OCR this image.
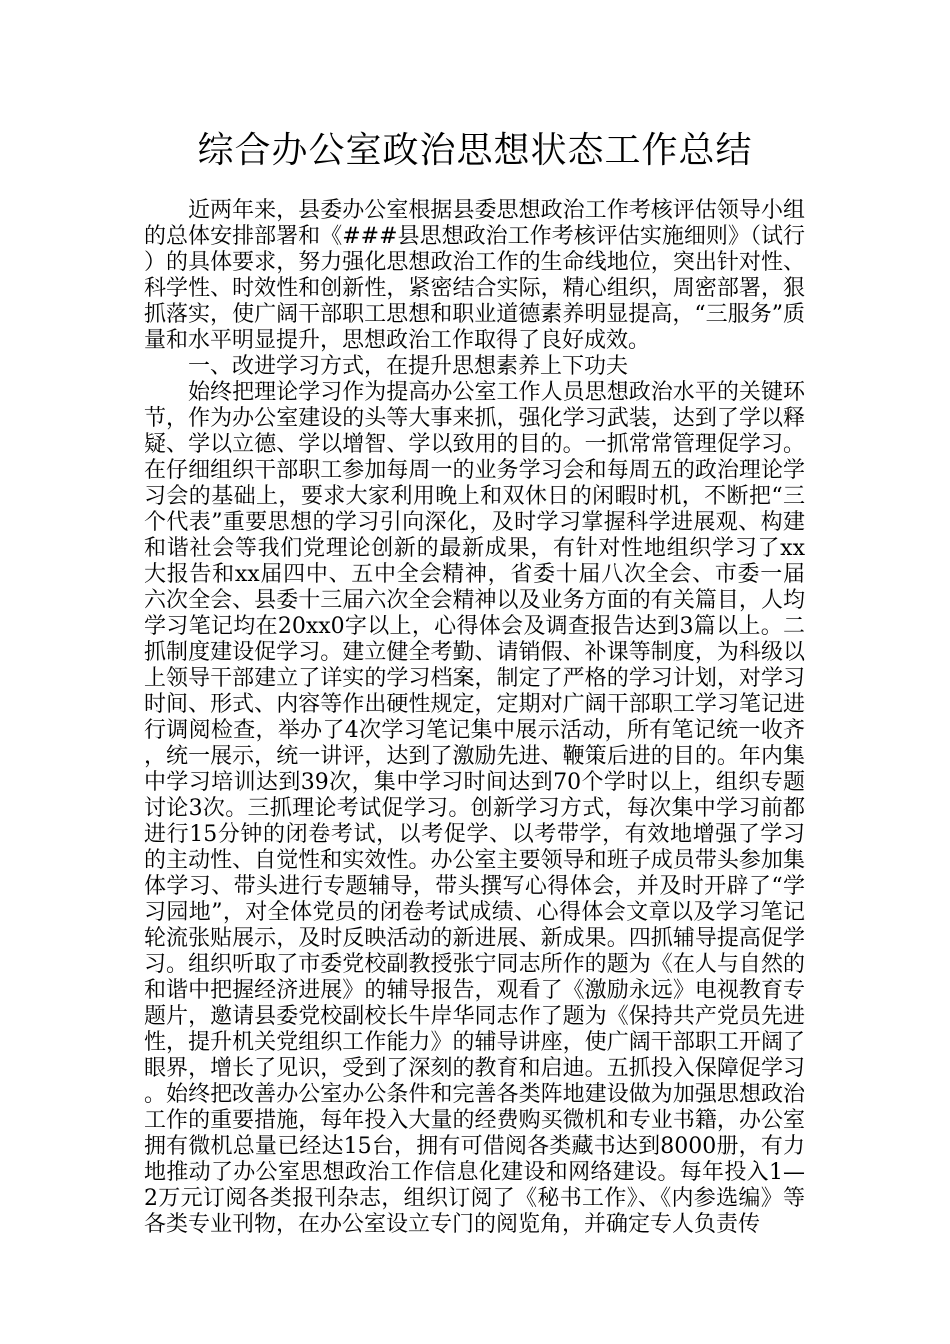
综合办公室政治思想状态工作总结

近两年来，县委办公室根据县委思想政治工作考核评估领导小组的总体安排部署和《###县思想政治工作考核评估实施细则》（试行）的具体要求，努力强化思想政治工作的生命线地位，突出针对性、科学性、时效性和创新性，紧密结合实际，精心组织，周密部署，狠抓落实，使广阔干部职工思想和职业道德素养明显提高，“三服务”质量和水平明显提升，思想政治工作取得了良好成效。

一、改进学习方式，在提升思想素养上下功夫

始终把理论学习作为提高办公室工作人员思想政治水平的关键环节，作为办公室建设的头等大事来抓，强化学习武装，达到了学以释疑、学以立德、学以增智、学以致用的目的。一抓常常管理促学习。在仔细组织干部职工参加每周一的业务学习会和每周五的政治理论学习会的基础上，要求大家利用晚上和双休日的闲暇时机，不断把“三个代表”重要思想的学习引向深化，及时学习掌握科学进展观、构建和谐社会等我们党理论创新的最新成果，有针对性地组织学习了xx大报告和xx届四中、五中全会精神，省委十届八次全会、市委一届六次全会、县委十三届六次全会精神以及业务方面的有关篇目，人均学习笔记均在20xx0字以上，心得体会及调查报告达到3篇以上。二抓制度建设促学习。建立健全考勤、请销假、补课等制度，为科级以上领导干部建立了详实的学习档案，制定了严格的学习计划，对学习时间、形式、内容等作出硬性规定，定期对广阔干部职工学习笔记进行调阅检查，举办了4次学习笔记集中展示活动，所有笔记统一收齐，统一展示，统一讲评，达到了激励先进、鞭策后进的目的。年内集中学习培训达到39次，集中学习时间达到70个学时以上，组织专题讨论3次。三抓理论考试促学习。创新学习方式，每次集中学习前都进行15分钟的闭卷考试，以考促学、以考带学，有效地增强了学习的主动性、自觉性和实效性。办公室主要领导和班子成员带头参加集体学习、带头进行专题辅导，带头撰写心得体会，并及时开辟了“学习园地”，对全体党员的闭卷考试成绩、心得体会文章以及学习笔记轮流张贴展示，及时反映活动的新进展、新成果。四抓辅导提高促学习。组织听取了市委党校副教授张宁同志所作的题为《在人与自然的和谐中把握经济进展》的辅导报告，观看了《激励永远》电视教育专题片，邀请县委党校副校长牛岸华同志作了题为《保持共产党员先进性，提升机关党组织工作能力》的辅导讲座，使广阔干部职工开阔了眼界，增长了见识，受到了深刻的教育和启迪。五抓投入保障促学习。始终把改善办公室办公条件和完善各类阵地建设做为加强思想政治工作的重要措施，每年投入大量的经费购买微机和专业书籍，办公室拥有微机总量已经达15台，拥有可借阅各类藏书达到8000册，有力地推动了办公室思想政治工作信息化建设和网络建设。每年投入1—2万元订阅各类报刊杂志，组织订阅了《秘书工作》、《内参选编》等各类专业刊物，在办公室设立专门的阅览角，并确定专人负责传
